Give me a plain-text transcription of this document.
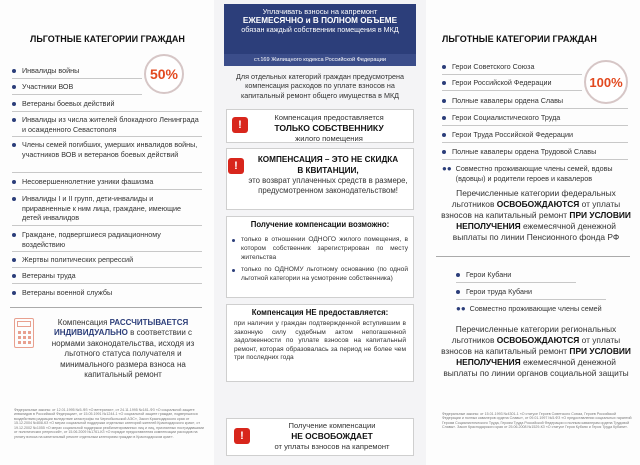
ЛЬГОТНЫЕ КАТЕГОРИИ ГРАЖДАН
50%
Инвалиды войны
Участники ВОВ
Ветераны боевых действий
Инвалиды из числа жителей блокадного Ленинграда и осажденного Севастополя
Члены семей погибших, умерших инвалидов войны, участников ВОВ и ветеранов боевых действий
Несовершеннолетние узники фашизма
Инвалиды I и II групп, дети-инвалиды и приравненные к ним лица, граждане, имеющие детей инвалидов
Граждане, подвергшиеся радиационному воздействию
Жертвы политических репрессий
Ветераны труда
Ветераны военной службы
Компенсация РАССЧИТЫВАЕТСЯ ИНДИВИДУАЛЬНО в соответствии с нормами законодательства, исходя из льготного статуса получателя и минимального размера взноса на капитальный ремонт
Федеральные законы: от 12.01.1995 №5-ФЗ «О ветеранах», от 24.11.1995 №181-ФЗ «О социальной защите инвалидов в Российской Федерации», от 15.05.1991 №1244-1 «О социальной защите граждан, подвергшихся воздействию радиации вследствие катастрофы на Чернобыльской АЭС», Закон Краснодарского края от 15.12.2004 №808-КЗ «О мерах социальной поддержки отдельных категорий жителей Краснодарского края», от 19.12.2002 №1055 «О мерах социальной поддержки реабилитированных лиц и лиц, признанных пострадавшими от политических репрессий», от 15.06.2009 №1761-КЗ «О порядке предоставления компенсации расходов на уплату взноса на капитальный ремонт отдельным категориям граждан в Краснодарском крае».
Уплачивать взносы на капремонт
ЕЖЕМЕСЯЧНО и В ПОЛНОМ ОБЪЕМЕ
обязан каждый собственник помещения в МКД
ст.169 Жилищного кодекса Российской Федерации
Для отдельных категорий граждан предусмотрена компенсация расходов по уплате взносов на капитальный ремонт общего имущества в МКД
!
Компенсация предоставляется
ТОЛЬКО СОБСТВЕННИКУ
жилого помещения
!
КОМПЕНСАЦИЯ – ЭТО НЕ СКИДКА
В КВИТАНЦИИ,
это возврат уплаченных средств в размере, предусмотренном законодательством!
Получение компенсации возможно:
только в отношении ОДНОГО жилого помещения, в котором собственник зарегистрирован по месту жительства
только по ОДНОМУ льготному основанию (по одной льготной категории на усмотрение собственника)
Компенсация НЕ предоставляется:
при наличии у граждан подтвержденной вступившим в законную силу судебным актом непогашенной задолженности по уплате взносов на капитальный ремонт, которая образовалась за период не более чем три последних года
!
Получение компенсации
НЕ ОСВОБОЖДАЕТ
от уплаты взносов на капремонт
ЛЬГОТНЫЕ КАТЕГОРИИ ГРАЖДАН
100%
Герои Советского Союза
Герои Российской Федерации
Полные кавалеры ордена Славы
Герои Социалистического Труда
Герои Труда Российской Федерации
Полные кавалеры ордена Трудовой Славы
●● Совместно проживающие члены семей, вдовы (вдовцы) и родители героев и кавалеров
Перечисленные категории федеральных льготников ОСВОБОЖДАЮТСЯ от уплаты взносов на капитальный ремонт ПРИ УСЛОВИИ НЕПОЛУЧЕНИЯ ежемесячной денежной выплаты по линии Пенсионного фонда РФ
Герои Кубани
Герои труда Кубани
●● Совместно проживающие члены семей
Перечисленные категории региональных льготников ОСВОБОЖДАЮТСЯ от уплаты взносов на капитальный ремонт ПРИ УСЛОВИИ НЕПОЛУЧЕНИЯ ежемесячной денежной выплаты по линии органов социальной защиты
Федеральные законы: от 15.01.1993 №4301-1 «О статусе Героев Советского Союза, Героев Российской Федерации и полных кавалеров ордена Славы», от 09.01.1997 №5-ФЗ «О предоставлении социальных гарантий Героям Социалистического Труда, Героям Труда Российской Федерации и полным кавалерам ордена Трудовой Славы». Закон Краснодарского края от 25.06.2008 №1529-КЗ «О статусе Героя Кубани и Героя Труда Кубани».
